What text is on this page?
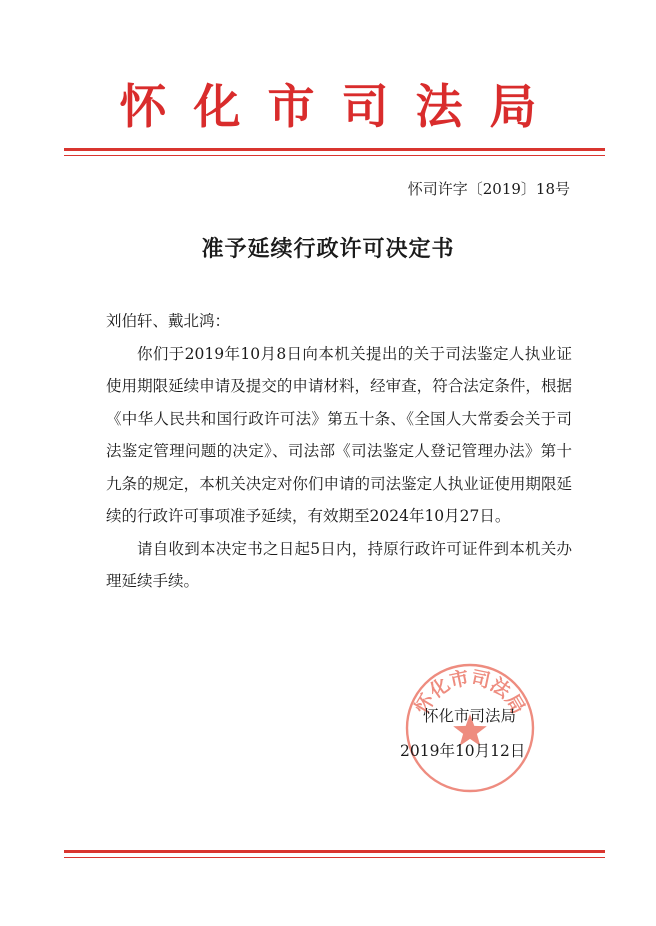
怀化市司法局
怀司许字〔2019〕18号
准予延续行政许可决定书

刘伯轩、戴北鸿：

你们于2019年10月8日向本机关提出的关于司法鉴定人执业证使用期限延续申请及提交的申请材料，经审查，符合法定条件，根据《中华人民共和国行政许可法》第五十条、《全国人大常委会关于司法鉴定管理问题的决定》、司法部《司法鉴定人登记管理办法》第十九条的规定，本机关决定对你们申请的司法鉴定人执业证使用期限延续的行政许可事项准予延续，有效期至2024年10月27日。

请自收到本决定书之日起5日内，持原行政许可证件到本机关办理延续手续。

怀化市司法局
怀化市司法局
2019年10月12日
